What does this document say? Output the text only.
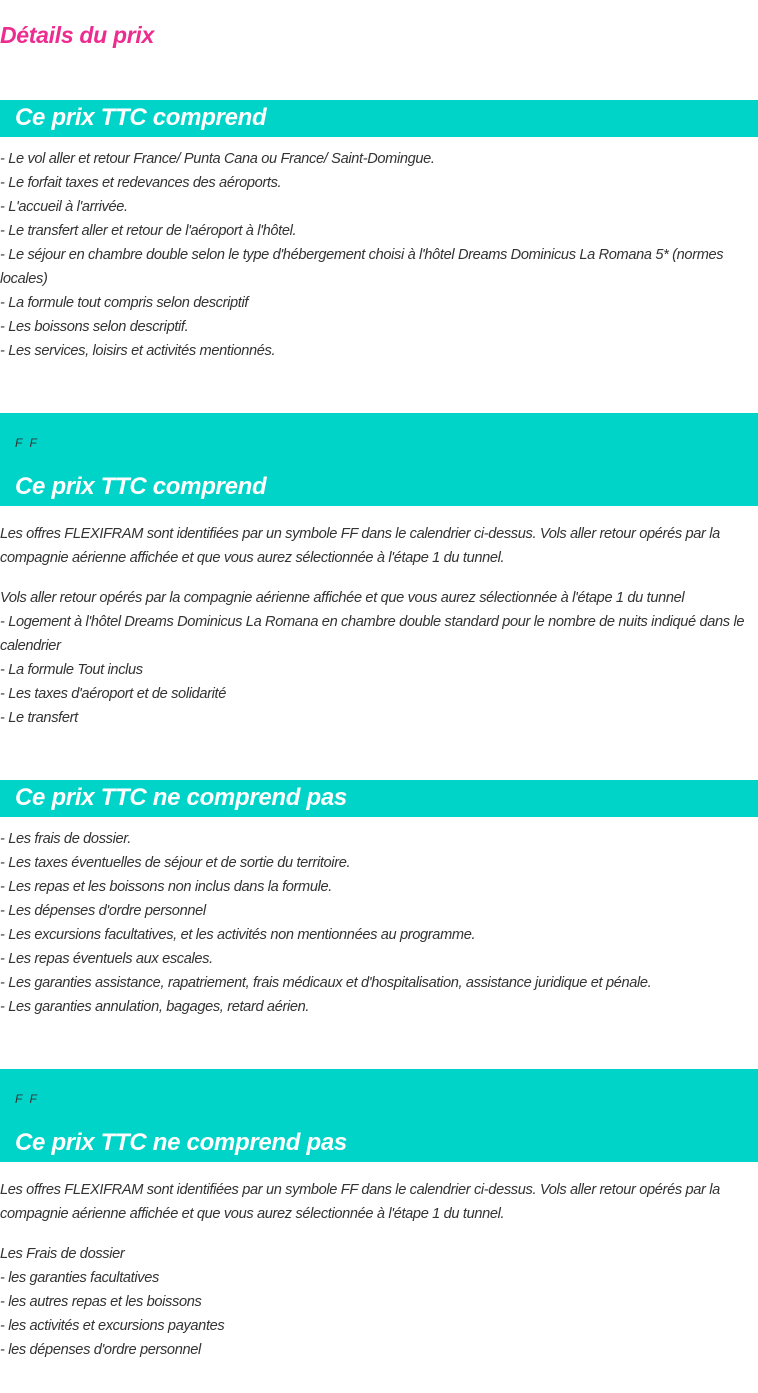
Détails du prix
Ce prix TTC comprend
- Le vol aller et retour France/ Punta Cana ou France/ Saint-Domingue.
- Le forfait taxes et redevances des aéroports.
- L'accueil à l'arrivée.
- Le transfert aller et retour de l'aéroport à l'hôtel.
- Le séjour en chambre double selon le type d'hébergement choisi à l'hôtel Dreams Dominicus La Romana 5* (normes locales)
- La formule tout compris selon descriptif
- Les boissons selon descriptif.
- Les services, loisirs et activités mentionnés.
F F
Ce prix TTC comprend

Les offres FLEXIFRAM sont identifiées par un symbole FF dans le calendrier ci-dessus. Vols aller retour opérés par la compagnie aérienne affichée et que vous aurez sélectionnée à l'étape 1 du tunnel.

Vols aller retour opérés par la compagnie aérienne affichée et que vous aurez sélectionnée à l'étape 1 du tunnel
- Logement à l'hôtel Dreams Dominicus La Romana en chambre double standard pour le nombre de nuits indiqué dans le calendrier
- La formule Tout inclus
- Les taxes d'aéroport et de solidarité
- Le transfert
Ce prix TTC ne comprend pas
- Les frais de dossier.
- Les taxes éventuelles de séjour et de sortie du territoire.
- Les repas et les boissons non inclus dans la formule.
- Les dépenses d'ordre personnel
- Les excursions facultatives, et les activités non mentionnées au programme.
- Les repas éventuels aux escales.
- Les garanties assistance, rapatriement, frais médicaux et d'hospitalisation, assistance juridique et pénale.
- Les garanties annulation, bagages, retard aérien.
F F
Ce prix TTC ne comprend pas

Les offres FLEXIFRAM sont identifiées par un symbole FF dans le calendrier ci-dessus. Vols aller retour opérés par la compagnie aérienne affichée et que vous aurez sélectionnée à l'étape 1 du tunnel.

Les Frais de dossier
- les garanties facultatives
- les autres repas et les boissons
- les activités et excursions payantes
- les dépenses d'ordre personnel
